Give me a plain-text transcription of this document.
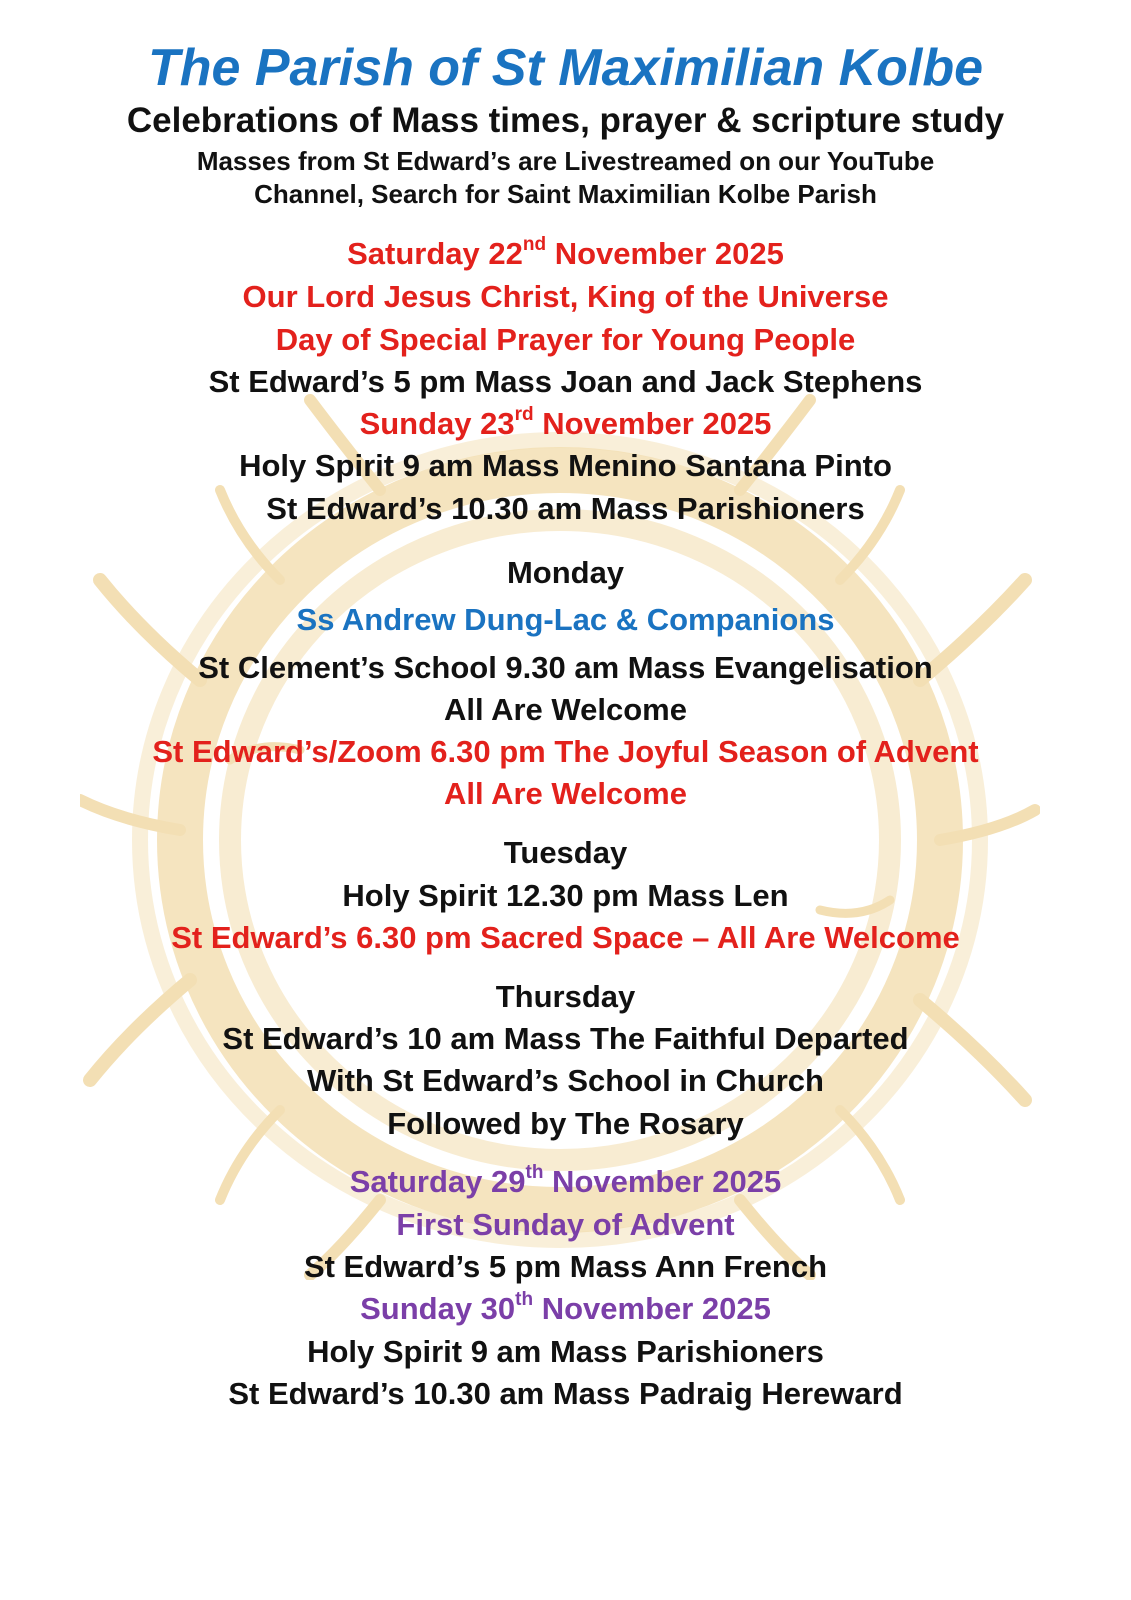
The Parish of St Maximilian Kolbe
Celebrations of Mass times, prayer & scripture study
Masses from St Edward’s are Livestreamed on our YouTube
Channel, Search for Saint Maximilian Kolbe Parish
Saturday 22nd November 2025
Our Lord Jesus Christ, King of the Universe
Day of Special Prayer for Young People
St Edward’s 5 pm Mass Joan and Jack Stephens
Sunday 23rd November 2025
Holy Spirit 9 am Mass Menino Santana Pinto
St Edward’s 10.30 am Mass Parishioners
Monday
Ss Andrew Dung-Lac & Companions
St Clement’s School 9.30 am Mass Evangelisation
All Are Welcome
St Edward’s/Zoom 6.30 pm The Joyful Season of Advent
All Are Welcome
Tuesday
Holy Spirit 12.30 pm Mass Len
St Edward’s 6.30 pm Sacred Space – All Are Welcome
Thursday
St Edward’s 10 am Mass The Faithful Departed
With St Edward’s School in Church
Followed by The Rosary
Saturday 29th November 2025
First Sunday of Advent
St Edward’s 5 pm Mass Ann French
Sunday 30th November 2025
Holy Spirit 9 am Mass Parishioners
St Edward’s 10.30 am Mass Padraig Hereward
